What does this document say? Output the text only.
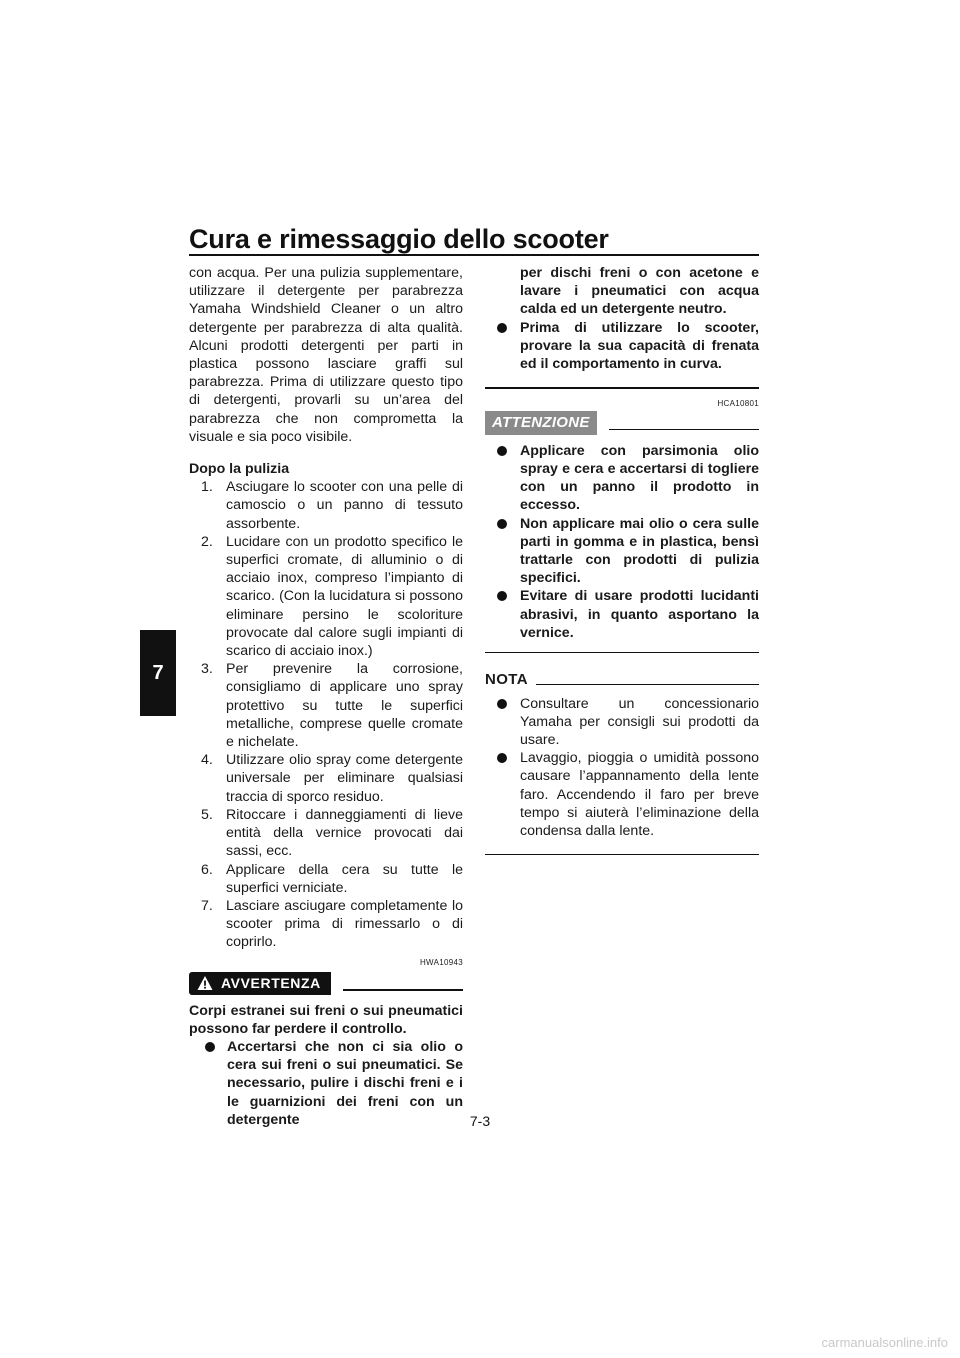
Cura e rimessaggio dello scooter
7

con acqua. Per una pulizia supplementare, utilizzare il detergente per parabrezza Yamaha Windshield Cleaner o un altro detergente per parabrezza di alta qualità. Alcuni prodotti detergenti per parti in plastica possono lasciare graffi sul parabrezza. Prima di utilizzare questo tipo di detergenti, provarli su un’area del parabrezza che non comprometta la visuale e sia poco visibile.

Dopo la pulizia

1. Asciugare lo scooter con una pelle di camoscio o un panno di tessuto assorbente.
2. Lucidare con un prodotto specifico le superfici cromate, di alluminio o di acciaio inox, compreso l’impianto di scarico. (Con la lucidatura si possono eliminare persino le scoloriture provocate dal calore sugli impianti di scarico di acciaio inox.)
3. Per prevenire la corrosione, consigliamo di applicare uno spray protettivo su tutte le superfici metalliche, comprese quelle cromate e nichelate.
4. Utilizzare olio spray come detergente universale per eliminare qualsiasi traccia di sporco residuo.
5. Ritoccare i danneggiamenti di lieve entità della vernice provocati dai sassi, ecc.
6. Applicare della cera su tutte le superfici verniciate.
7. Lasciare asciugare completamente lo scooter prima di rimessarlo o di coprirlo.
HWA10943
AVVERTENZA

Corpi estranei sui freni o sui pneumatici possono far perdere il controllo.

Accertarsi che non ci sia olio o cera sui freni o sui pneumatici. Se necessario, pulire i dischi freni e i le guarnizioni dei freni con un detergente
per dischi freni o con acetone e lavare i pneumatici con acqua calda ed un detergente neutro.
Prima di utilizzare lo scooter, provare la sua capacità di frenata ed il comportamento in curva.
HCA10801
ATTENZIONE
Applicare con parsimonia olio spray e cera e accertarsi di togliere con un panno il prodotto in eccesso.
Non applicare mai olio o cera sulle parti in gomma e in plastica, bensì trattarle con prodotti di pulizia specifici.
Evitare di usare prodotti lucidanti abrasivi, in quanto asportano la vernice.
NOTA
Consultare un concessionario Yamaha per consigli sui prodotti da usare.
Lavaggio, pioggia o umidità possono causare l’appannamento della lente faro. Accendendo il faro per breve tempo si aiuterà l’eliminazione della condensa dalla lente.
7-3
carmanualsonline.info
